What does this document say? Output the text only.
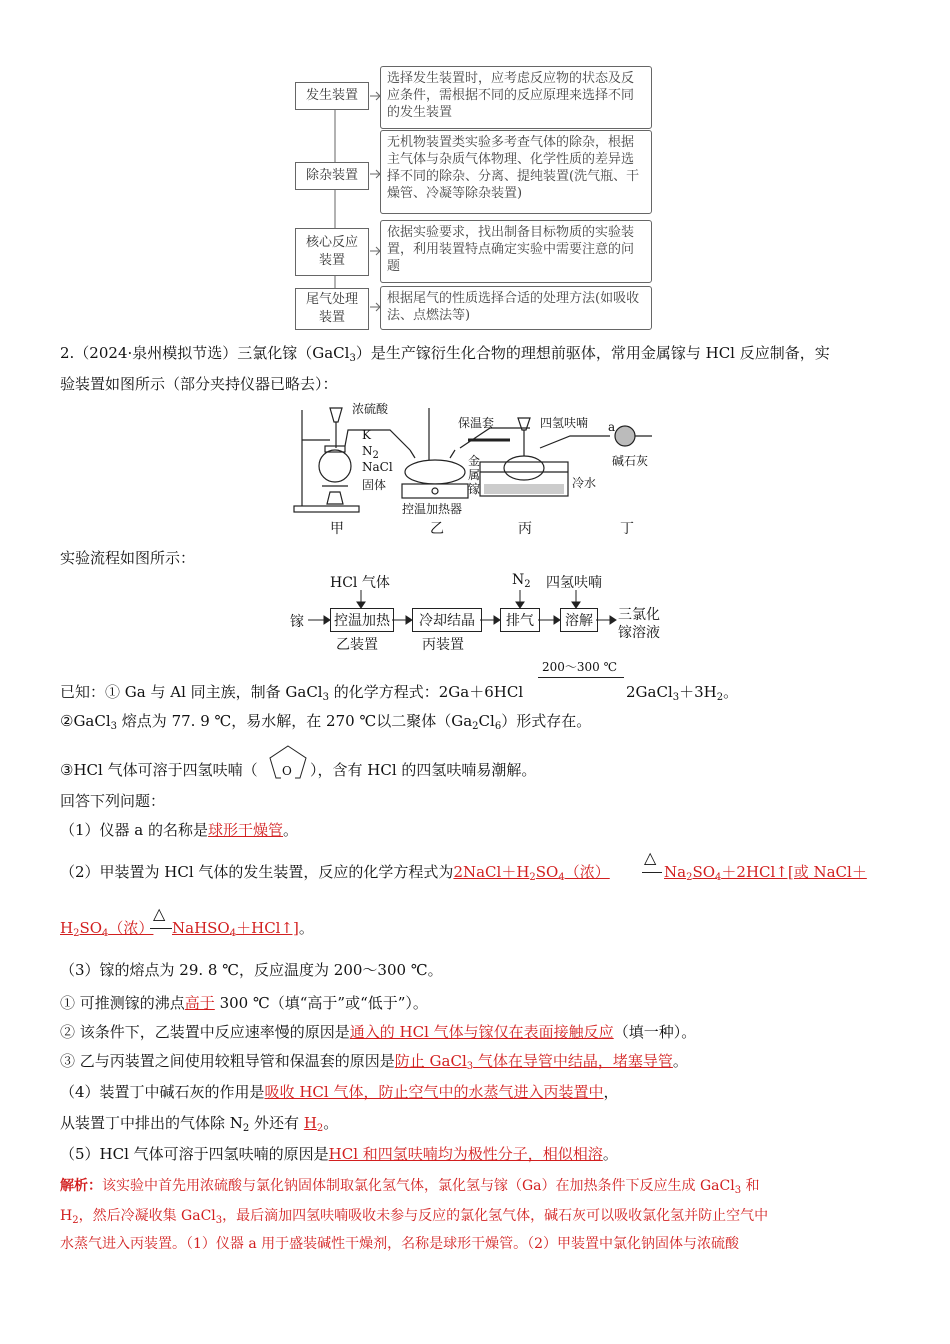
发生装置
选择发生装置时，应考虑反应物的状态及反应条件，需根据不同的反应原理来选择不同的发生装置
除杂装置
无机物装置类实验多考查气体的除杂，根据主气体与杂质气体物理、化学性质的差异选择不同的除杂、分离、提纯装置(洗气瓶、干燥管、冷凝等除杂装置)
核心反应
装置
依据实验要求，找出制备目标物质的实验装置，利用装置特点确定实验中需要注意的问题
尾气处理
装置
根据尾气的性质选择合适的处理方法(如吸收法、点燃法等)
2.（2024·泉州模拟节选）三氯化镓（GaCl$_3$）是生产镓衍生化合物的理想前驱体，常用金属镓与 HCl 反应制备，实
验装置如图所示（部分夹持仪器已略去）：
浓硫酸
K
$N_2$
NaCl
固体
保温套	四氢呋喃 a
碱石灰
金
属
镓
控温加热器
冷水
甲	乙	丙	丁
实验流程如图所示：
镓
HCl 气体	$N_2$ 四氢呋喃
控温加热	冷却结晶	排气	溶解
乙装置	丙装置
三氯化
镓溶液
200～300 ℃
已知：① Ga 与 Al 同主族，制备 GaCl$_3$ 的化学方程式：2Ga＋6HCl	$2GaCl_3+3H_2$。
②GaCl$_3$ 熔点为 77. 9 ℃，易水解，在 270 ℃以二聚体$(Ga_2Cl_6)$形式存在。
③HCl 气体可溶于四氢呋喃（ O ），含有 HCl 的四氢呋喃易潮解。
回答下列问题：
（1）仪器 a 的名称是球形干燥管。
（2）甲装置为 HCl 气体的发生装置，反应的化学方程式为$2NaCl+H_2SO_4$（浓）
△
$Na_2SO_4+2HCl↑$[或 NaCl＋
$H_2SO_4$（浓）
△
NaHSO$_4$＋HCl↑]。
（3）镓的熔点为 29. 8 ℃，反应温度为 200～300 ℃。
① 可推测镓的沸点高于 300 ℃（填“高于”或“低于”）。
② 该条件下，乙装置中反应速率慢的原因是通入的 HCl 气体与镓仅在表面接触反应（填一种）。
③ 乙与丙装置之间使用较粗导管和保温套的原因是防止 GaCl$_3$ 气体在导管中结晶，堵塞导管。
（4）装置丁中碱石灰的作用是吸收 HCl 气体，防止空气中的水蒸气进入丙装置中，
从装置丁中排出的气体除 $N_2$ 外还有 $H_2$。
（5）HCl 气体可溶于四氢呋喃的原因是HCl 和四氢呋喃均为极性分子，相似相溶。
解析：该实验中首先用浓硫酸与氯化钠固体制取氯化氢气体，氯化氢与镓（Ga）在加热条件下反应生成 GaCl$_3$ 和
$H_2$，然后冷凝收集 GaCl$_3$，最后滴加四氢呋喃吸收未参与反应的氯化氢气体，碱石灰可以吸收氯化氢并防止空气中
水蒸气进入丙装置。（1）仪器 a 用于盛装碱性干燥剂，名称是球形干燥管。（2）甲装置中氯化钠固体与浓硫酸
